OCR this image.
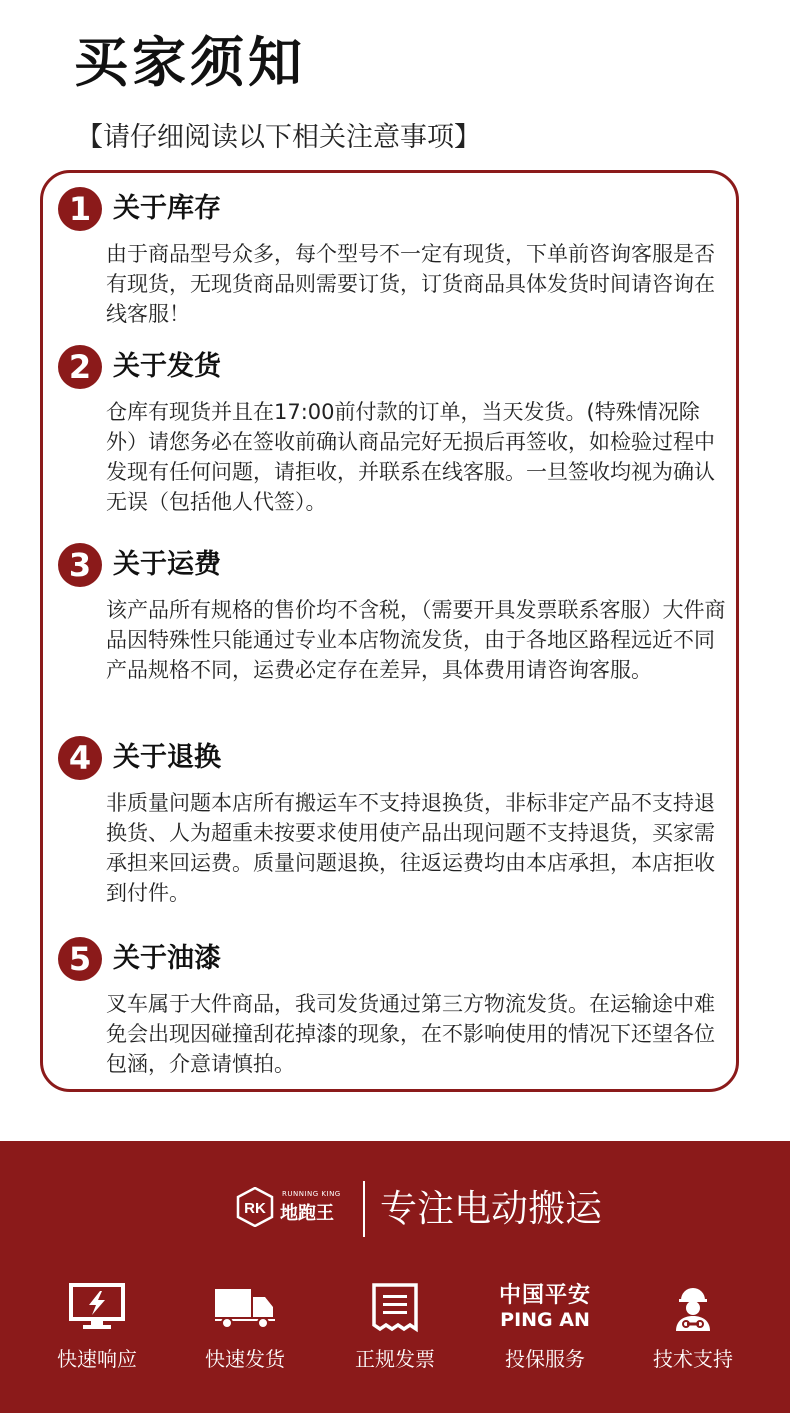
买家须知

【请仔细阅读以下相关注意事项】

1 关于库存

由于商品型号众多，每个型号不一定有现货，下单前咨询客服是否有现货，无现货商品则需要订货，订货商品具体发货时间请咨询在线客服！

2 关于发货

仓库有现货并且在17:00前付款的订单，当天发货。(特殊情况除外）请您务必在签收前确认商品完好无损后再签收，如检验过程中发现有任何问题，请拒收，并联系在线客服。一旦签收均视为确认无误（包括他人代签）。

3 关于运费

该产品所有规格的售价均不含税，（需要开具发票联系客服）大件商品因特殊性只能通过专业本店物流发货，由于各地区路程远近不同产品规格不同，运费必定存在差异，具体费用请咨询客服。

4 关于退换

非质量问题本店所有搬运车不支持退换货，非标非定产品不支持退换货、人为超重未按要求使用使产品出现问题不支持退货，买家需承担来回运费。质量问题退换，往返运费均由本店承担，本店拒收到付件。

5 关于油漆

叉车属于大件商品，我司发货通过第三方物流发货。在运输途中难免会出现因碰撞刮花掉漆的现象，在不影响使用的情况下还望各位包涵，介意请慎拍。

RK
RUNNING KING
地跑王 专注电动搬运

快速响应	快速发货	正规发票
中国平安
PING AN
投保服务	技术支持
